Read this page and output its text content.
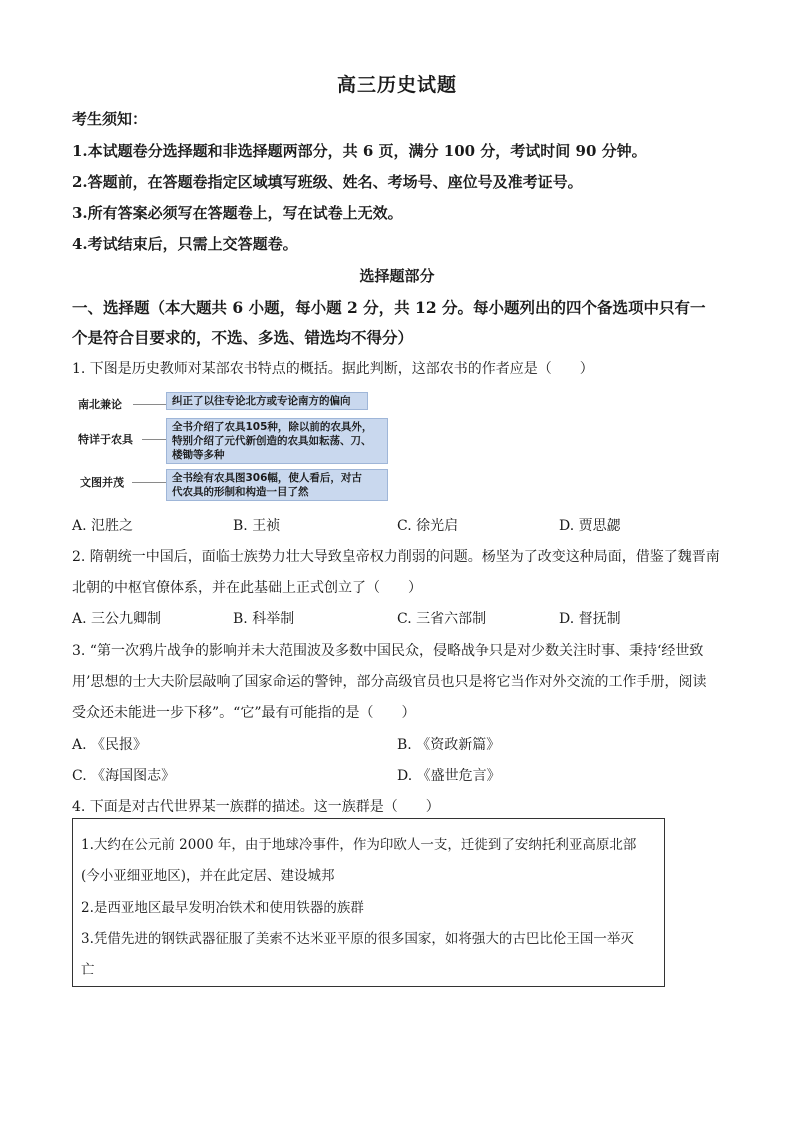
高三历史试题
考生须知：
1.本试题卷分选择题和非选择题两部分，共 6 页，满分 100 分，考试时间 90 分钟。
2.答题前，在答题卷指定区域填写班级、姓名、考场号、座位号及准考证号。
3.所有答案必须写在答题卷上，写在试卷上无效。
4.考试结束后，只需上交答题卷。
选择题部分
一、选择题（本大题共 6 小题，每小题 2 分，共 12 分。每小题列出的四个备选项中只有一
个是符合目要求的，不选、多选、错选均不得分）
1. 下图是历史教师对某部农书特点的概括。据此判断，这部农书的作者应是（　　）
南北兼论	纠正了以往专论北方或专论南方的偏向
特详于农具
全书介绍了农具105种，除以前的农具外，
特别介绍了元代新创造的农具如耘荡、刀、
楼锄等多种
文图并茂	全书绘有农具图306幅，使人看后，对古
代农具的形制和构造一目了然
A. 氾胜之	B. 王祯	C. 徐光启	D. 贾思勰
2. 隋朝统一中国后，面临士族势力壮大导致皇帝权力削弱的问题。杨坚为了改变这种局面，借鉴了魏晋南
北朝的中枢官僚体系，并在此基础上正式创立了（　　）
A. 三公九卿制	B. 科举制	C. 三省六部制	D. 督抚制
3. “第一次鸦片战争的影响并未大范围波及多数中国民众，侵略战争只是对少数关注时事、秉持‘经世致
用’思想的士大夫阶层敲响了国家命运的警钟，部分高级官员也只是将它当作对外交流的工作手册，阅读
受众还未能进一步下移”。“它”最有可能指的是（　　）
A. 《民报》	B. 《资政新篇》
C. 《海国图志》	D. 《盛世危言》
4. 下面是对古代世界某一族群的描述。这一族群是（　　）
1.大约在公元前 2000 年，由于地球冷事件，作为印欧人一支，迁徙到了安纳托利亚高原北部
(今小亚细亚地区)，并在此定居、建设城邦
2.是西亚地区最早发明冶铁术和使用铁器的族群
3.凭借先进的钢铁武器征服了美索不达米亚平原的很多国家，如将强大的古巴比伦王国一举灭
亡
